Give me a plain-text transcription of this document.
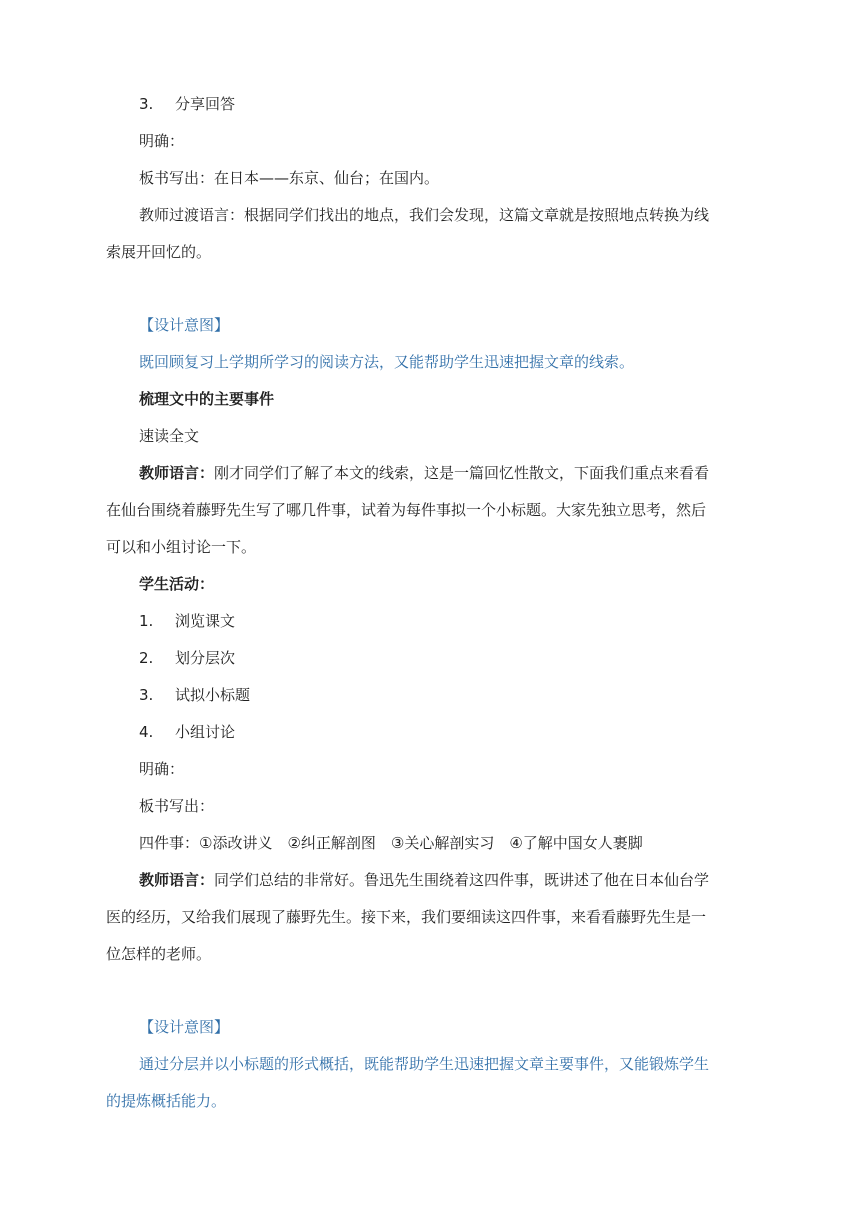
3. 分享回答
明确：
板书写出：在日本——东京、仙台；在国内。
教师过渡语言：根据同学们找出的地点，我们会发现，这篇文章就是按照地点转换为线
索展开回忆的。
【设计意图】
既回顾复习上学期所学习的阅读方法，又能帮助学生迅速把握文章的线索。
梳理文中的主要事件
速读全文
教师语言：刚才同学们了解了本文的线索，这是一篇回忆性散文，下面我们重点来看看
在仙台围绕着藤野先生写了哪几件事，试着为每件事拟一个小标题。大家先独立思考，然后
可以和小组讨论一下。
学生活动：
1. 浏览课文
2. 划分层次
3. 试拟小标题
4. 小组讨论
明确：
板书写出：
四件事：①添改讲义　②纠正解剖图　③关心解剖实习　④了解中国女人裹脚
教师语言：同学们总结的非常好。鲁迅先生围绕着这四件事，既讲述了他在日本仙台学
医的经历，又给我们展现了藤野先生。接下来，我们要细读这四件事，来看看藤野先生是一
位怎样的老师。
【设计意图】
通过分层并以小标题的形式概括，既能帮助学生迅速把握文章主要事件，又能锻炼学生
的提炼概括能力。
